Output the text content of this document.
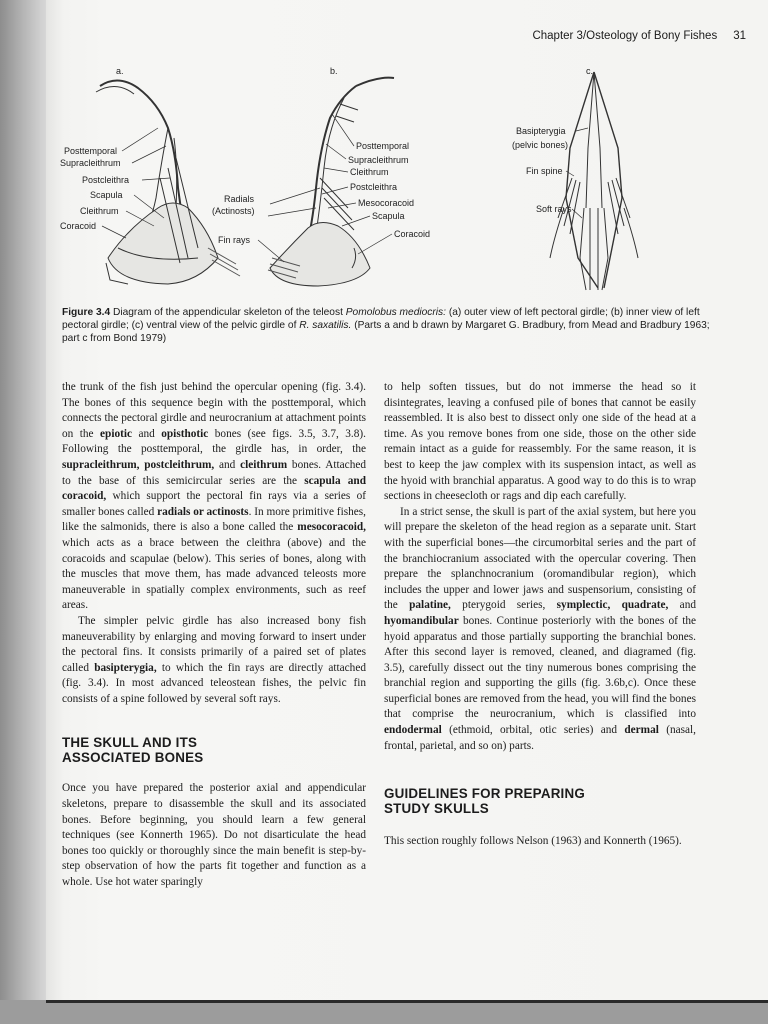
Chapter 3/Osteology of Bony Fishes 31
a.
Posttemporal
Supracleithrum
Postcleithra
Scapula
Cleithrum
Coracoid
b.
Posttemporal
Supracleithrum
Cleithrum
Postcleithra
Mesocoracoid
Scapula
Coracoid
Radials
(Actinosts)
Fin rays
c.
Basipterygia
(pelvic bones)
Fin spine
Soft rays
Figure 3.4 Diagram of the appendicular skeleton of the teleost Pomolobus mediocris: (a) outer view of left pectoral girdle; (b) inner view of left pectoral girdle; (c) ventral view of the pelvic girdle of R. saxatilis. (Parts a and b drawn by Margaret G. Bradbury, from Mead and Bradbury 1963; part c from Bond 1979)

the trunk of the fish just behind the opercular opening (fig. 3.4). The bones of this sequence begin with the posttemporal, which connects the pectoral girdle and neurocranium at attachment points on the epiotic and opisthotic bones (see figs. 3.5, 3.7, 3.8). Following the posttemporal, the girdle has, in order, the supracleithrum, postcleithrum, and cleithrum bones. Attached to the base of this semicircular series are the scapula and coracoid, which support the pectoral fin rays via a series of smaller bones called radials or actinosts. In more primitive fishes, like the salmonids, there is also a bone called the mesocoracoid, which acts as a brace between the cleithra (above) and the coracoids and scapulae (below). This series of bones, along with the muscles that move them, has made advanced teleosts more maneuverable in spatially complex environments, such as reef areas.

The simpler pelvic girdle has also increased bony fish maneuverability by enlarging and moving forward to insert under the pectoral fins. It consists primarily of a paired set of plates called basipterygia, to which the fin rays are directly attached (fig. 3.4). In most advanced teleostean fishes, the pelvic fin consists of a spine followed by several soft rays.

THE SKULL AND ITS
ASSOCIATED BONES

Once you have prepared the posterior axial and appendicular skeletons, prepare to disassemble the skull and its associated bones. Before beginning, you should learn a few general techniques (see Konnerth 1965). Do not disarticulate the head bones too quickly or thoroughly since the main benefit is step-by-step observation of how the parts fit together and function as a whole. Use hot water sparingly

to help soften tissues, but do not immerse the head so it disintegrates, leaving a confused pile of bones that cannot be easily reassembled. It is also best to dissect only one side of the head at a time. As you remove bones from one side, those on the other side remain intact as a guide for reassembly. For the same reason, it is best to keep the jaw complex with its suspension intact, as well as the hyoid with branchial apparatus. A good way to do this is to wrap sections in cheesecloth or rags and dip each carefully.

In a strict sense, the skull is part of the axial system, but here you will prepare the skeleton of the head region as a separate unit. Start with the superficial bones—the circumorbital series and the part of the branchiocranium associated with the opercular covering. Then prepare the splanchnocranium (oromandibular region), which includes the upper and lower jaws and suspensorium, consisting of the palatine, pterygoid series, symplectic, quadrate, and hyomandibular bones. Continue posteriorly with the bones of the hyoid apparatus and those partially supporting the branchial bones. After this second layer is removed, cleaned, and diagramed (fig. 3.5), carefully dissect out the tiny numerous bones comprising the branchial region and supporting the gills (fig. 3.6b,c). Once these superficial bones are removed from the head, you will find the bones that comprise the neurocranium, which is classified into endodermal (ethmoid, orbital, otic series) and dermal (nasal, frontal, parietal, and so on) parts.

GUIDELINES FOR PREPARING
STUDY SKULLS

This section roughly follows Nelson (1963) and Konnerth (1965).
